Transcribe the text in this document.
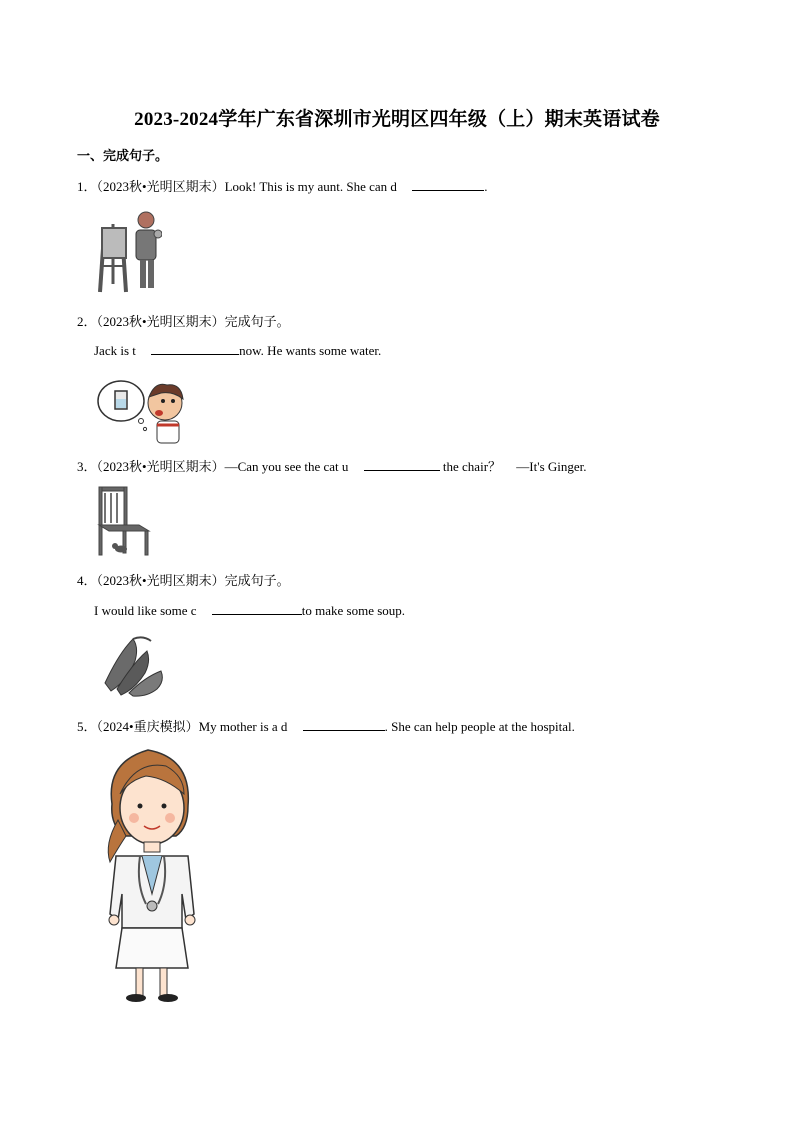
2023-2024学年广东省深圳市光明区四年级（上）期末英语试卷
一、完成句子。
1．（2023秋•光明区期末）Look! This is my aunt. She can d	.
2．（2023秋•光明区期末）完成句子。
Jack is t	now. He wants some water.
3．（2023秋•光明区期末）—Can you see the cat u	the chair？ —It's Ginger.
4．（2023秋•光明区期末）完成句子。
I would like some c	to make some soup.
5．（2024•重庆模拟）My mother is a d	. She can help people at the hospital.
